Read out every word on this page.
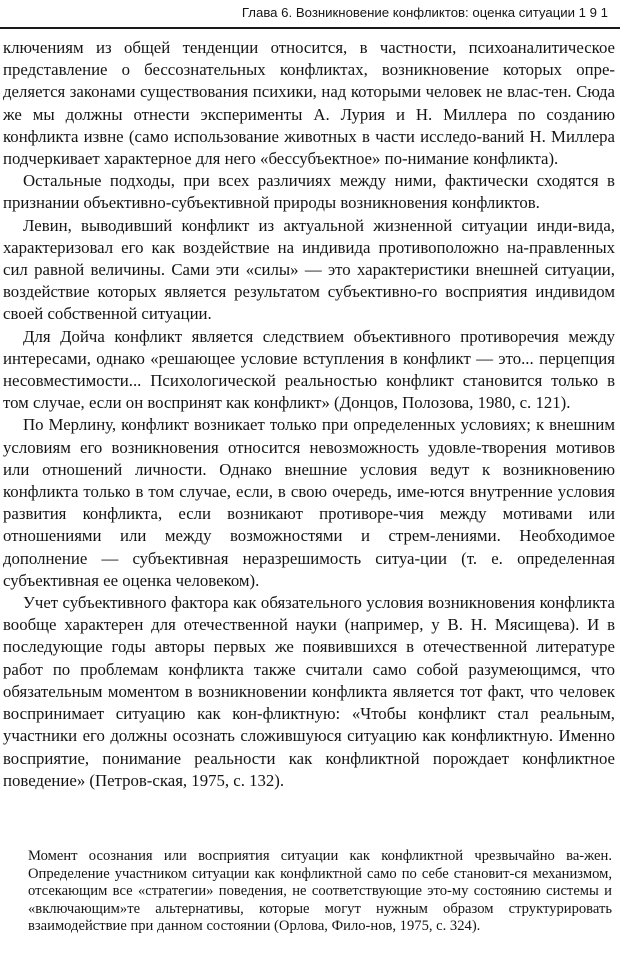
Глава 6. Возникновение конфликтов: оценка ситуации 1 9 1

ключениям из общей тенденции относится, в частности, психоаналитическое представление о бессознательных конфликтах, возникновение которых опре-деляется законами существования психики, над которыми человек не влас-тен. Сюда же мы должны отнести эксперименты А. Лурия и Н. Миллера по созданию конфликта извне (само использование животных в части исследо-ваний Н. Миллера подчеркивает характерное для него «бессубъектное» по-нимание конфликта).

Остальные подходы, при всех различиях между ними, фактически сходятся в признании объективно-субъективной природы возникновения конфликтов.

Левин, выводивший конфликт из актуальной жизненной ситуации инди-вида, характеризовал его как воздействие на индивида противоположно на-правленных сил равной величины. Сами эти «силы» — это характеристики внешней ситуации, воздействие которых является результатом субъективно-го восприятия индивидом своей собственной ситуации.

Для Дойча конфликт является следствием объективного противоречия между интересами, однако «решающее условие вступления в конфликт — это... перцепция несовместимости... Психологической реальностью конфликт становится только в том случае, если он воспринят как конфликт» (Донцов, Полозова, 1980, с. 121).

По Мерлину, конфликт возникает только при определенных условиях; к внешним условиям его возникновения относится невозможность удовле-творения мотивов или отношений личности. Однако внешние условия ведут к возникновению конфликта только в том случае, если, в свою очередь, име-ются внутренние условия развития конфликта, если возникают противоре-чия между мотивами или отношениями или между возможностями и стрем-лениями. Необходимое дополнение — субъективная неразрешимость ситуа-ции (т. е. определенная субъективная ее оценка человеком).

Учет субъективного фактора как обязательного условия возникновения конфликта вообще характерен для отечественной науки (например, у В. Н. Мясищева). И в последующие годы авторы первых же появившихся в отечественной литературе работ по проблемам конфликта также считали само собой разумеющимся, что обязательным моментом в возникновении конфликта является тот факт, что человек воспринимает ситуацию как кон-фликтную: «Чтобы конфликт стал реальным, участники его должны осознать сложившуюся ситуацию как конфликтную. Именно восприятие, понимание реальности как конфликтной порождает конфликтное поведение» (Петров-ская, 1975, с. 132).

Момент осознания или восприятия ситуации как конфликтной чрезвычайно ва-жен. Определение участником ситуации как конфликтной само по себе становит-ся механизмом, отсекающим все «стратегии» поведения, не соответствующие это-му состоянию системы и «включающим»те альтернативы, которые могут нужным образом структурировать взаимодействие при данном состоянии (Орлова, Фило-нов, 1975, с. 324).
